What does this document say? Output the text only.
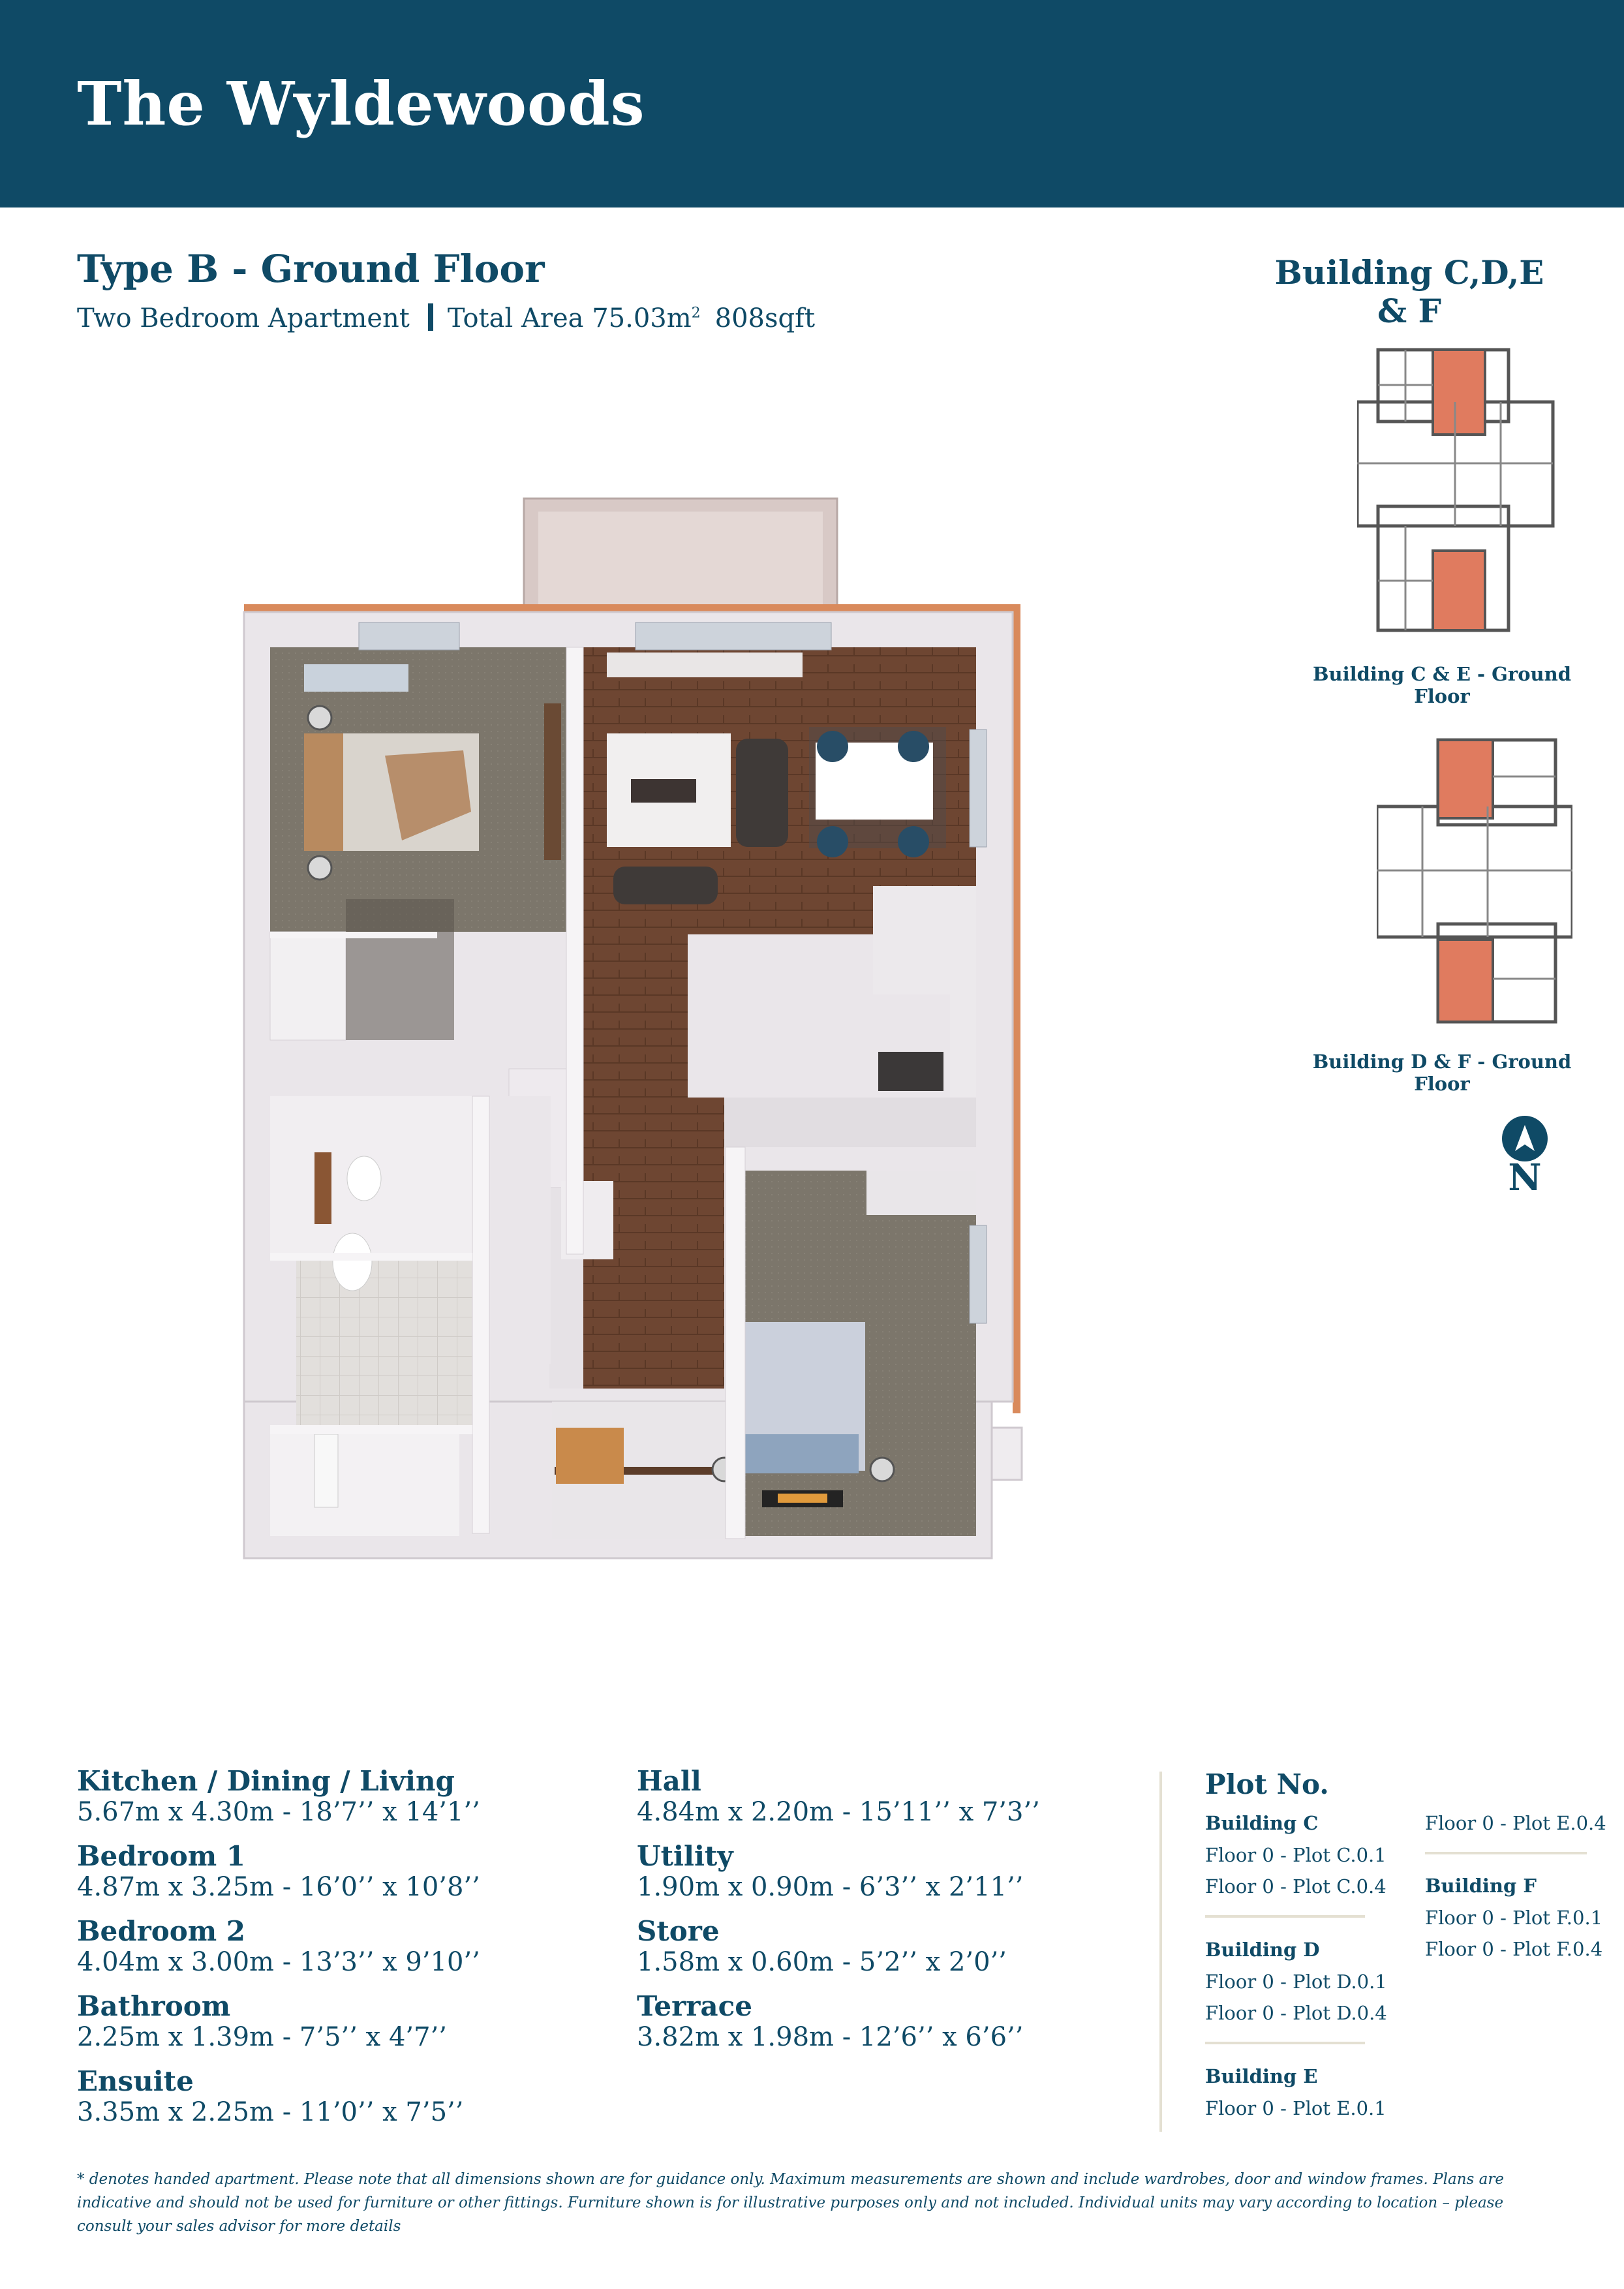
The Wyldewoods
Type B - Ground Floor
Two Bedroom Apartment Total Area $75.03m^2$ 808sqft
Building C,D,E & F
Building C & E - Ground Floor
Building D & F - Ground Floor
N
Kitchen / Dining / Living
5.67m x 4.30m - 18’7’’ x 14’1’’
Bedroom 1
4.87m x 3.25m - 16’0’’ x 10’8’’
Bedroom 2
4.04m x 3.00m - 13’3’’ x 9’10’’
Bathroom
2.25m x 1.39m - 7’5’’ x 4’7’’
Ensuite
3.35m x 2.25m - 11’0’’ x 7’5’’
Hall
4.84m x 2.20m - 15’11’’ x 7’3’’
Utility
1.90m x 0.90m - 6’3’’ x 2’11’’
Store
1.58m x 0.60m - 5’2’’ x 2’0’’
Terrace
3.82m x 1.98m - 12’6’’ x 6’6’’
Plot No.
Building C
Floor 0 - Plot C.0.1
Floor 0 - Plot C.0.4
Building D
Floor 0 - Plot D.0.1
Floor 0 - Plot D.0.4
Building E
Floor 0 - Plot E.0.1
Floor 0 - Plot E.0.4
Building F
Floor 0 - Plot F.0.1
Floor 0 - Plot F.0.4
* denotes handed apartment. Please note that all dimensions shown are for guidance only. Maximum measurements are shown and include wardrobes, door and window frames. Plans are indicative and should not be used for furniture or other fittings. Furniture shown is for illustrative purposes only and not included. Individual units may vary according to location – please consult your sales advisor for more details
